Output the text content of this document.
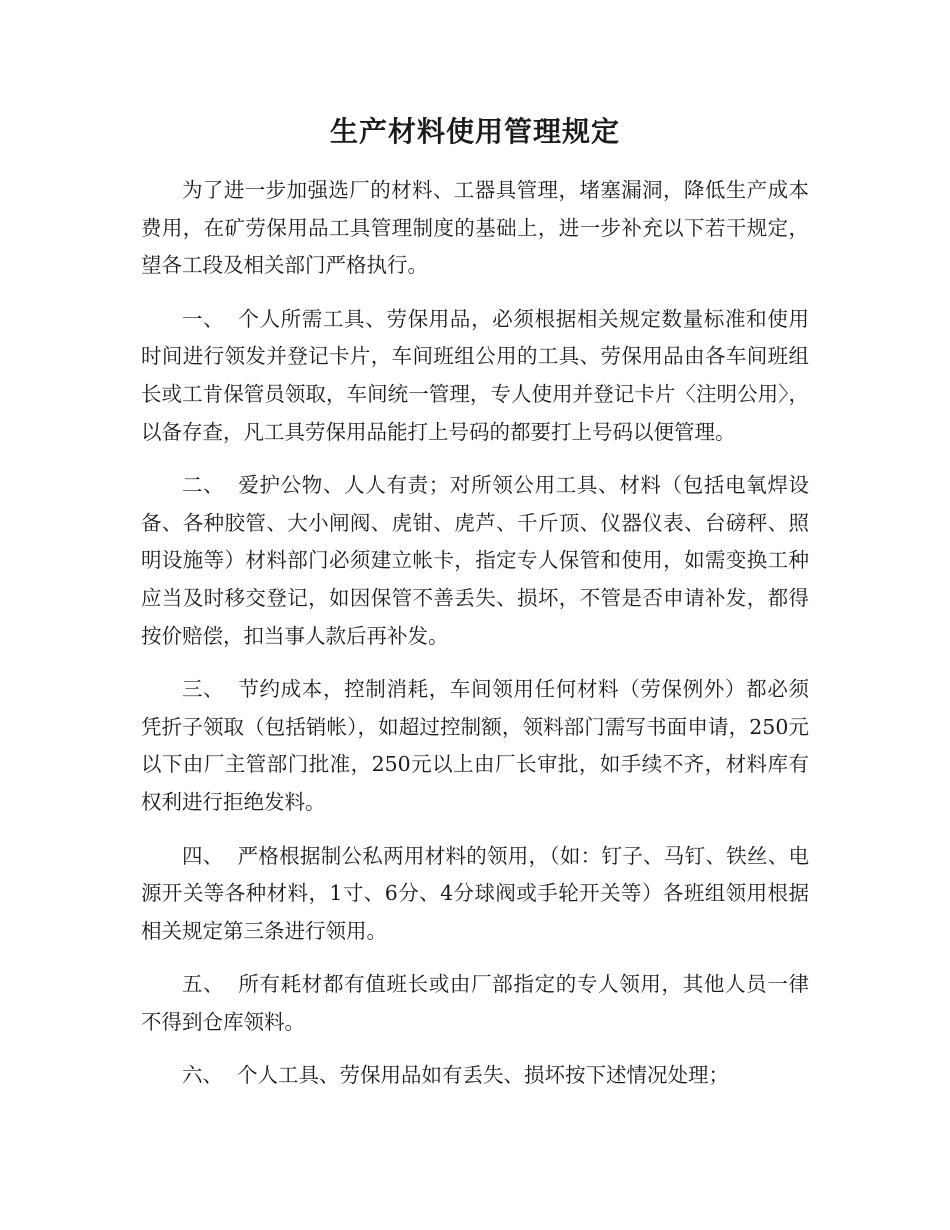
生产材料使用管理规定

为了进一步加强选厂的材料、工器具管理，堵塞漏洞，降低生产成本费用，在矿劳保用品工具管理制度的基础上，进一步补充以下若干规定，望各工段及相关部门严格执行。

一、 个人所需工具、劳保用品，必须根据相关规定数量标准和使用时间进行领发并登记卡片，车间班组公用的工具、劳保用品由各车间班组长或工肯保管员领取，车间统一管理，专人使用并登记卡片〈注明公用〉，以备存查，凡工具劳保用品能打上号码的都要打上号码以便管理。

二、 爱护公物、人人有责；对所领公用工具、材料（包括电氧焊设备、各种胶管、大小闸阀、虎钳、虎芦、千斤顶、仪器仪表、台磅秤、照明设施等）材料部门必须建立帐卡，指定专人保管和使用，如需变换工种应当及时移交登记，如因保管不善丢失、损坏，不管是否申请补发，都得按价赔偿，扣当事人款后再补发。

三、 节约成本，控制消耗，车间领用任何材料（劳保例外）都必须凭折子领取（包括销帐），如超过控制额，领料部门需写书面申请，250元以下由厂主管部门批准，250元以上由厂长审批，如手续不齐，材料库有权利进行拒绝发料。

四、 严格根据制公私两用材料的领用，（如：钉子、马钉、铁丝、电源开关等各种材料，1寸、6分、4分球阀或手轮开关等）各班组领用根据相关规定第三条进行领用。

五、 所有耗材都有值班长或由厂部指定的专人领用，其他人员一律不得到仓库领料。

六、 个人工具、劳保用品如有丢失、损坏按下述情况处理；
